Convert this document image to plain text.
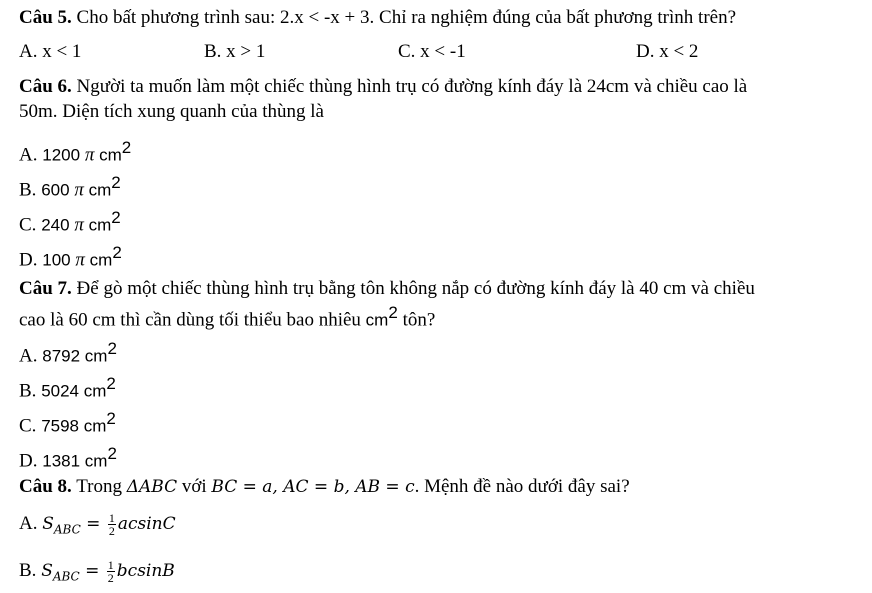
Câu 5. Cho bất phương trình sau: 2.x < -x + 3. Chỉ ra nghiệm đúng của bất phương trình trên?
A. x < 1	B. x > 1	C. x < -1	D. x < 2
Câu 6. Người ta muốn làm một chiếc thùng hình trụ có đường kính đáy là 24cm và chiều cao là
50m. Diện tích xung quanh của thùng là
A. 1200 π $cm^2$
B. 600 π $cm^2$
C. 240 π $cm^2$
D. 100 π $cm^2$
Câu 7. Để gò một chiếc thùng hình trụ bằng tôn không nắp có đường kính đáy là 40 cm và chiều
cao là 60 cm thì cần dùng tối thiểu bao nhiêu $cm^2$ tôn?
A. 8792 $cm^2$
B. 5024 $cm^2$
C. 7598 $cm^2$
D. 1381 $cm^2$
Câu 8. Trong ΔABC với BC = a, AC = b, AB = c. Mệnh đề nào dưới đây sai?
A. $S_{ABC} = \frac{1}{2}$ acsinC
B. $S_{ABC} = \frac{1}{2}$ bcsinB
